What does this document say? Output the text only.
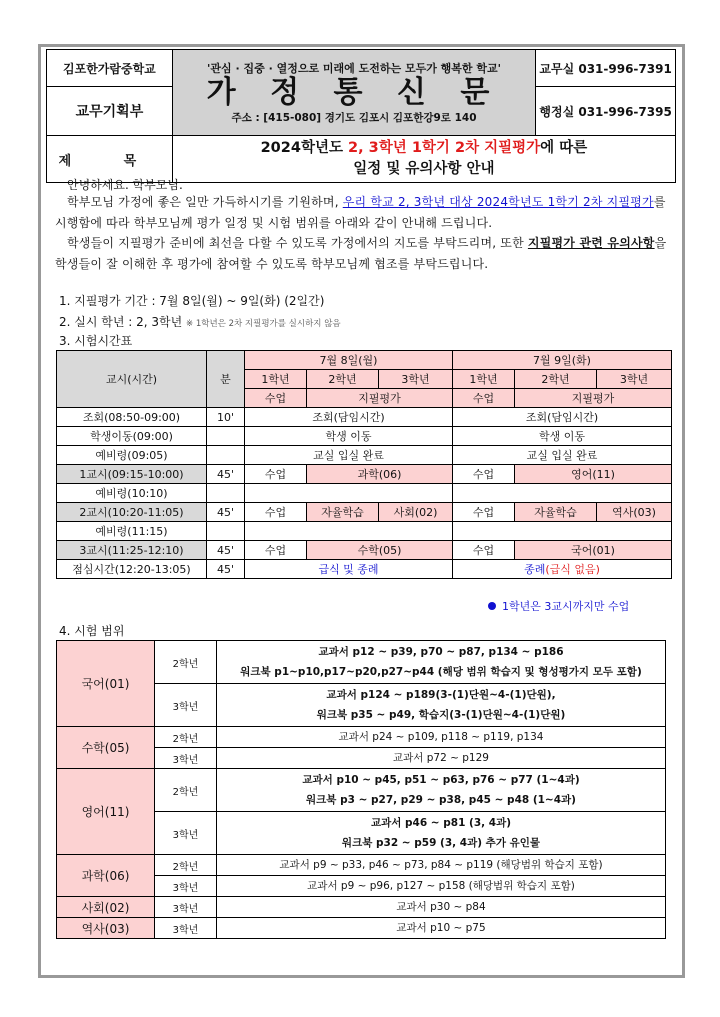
김포한가람중학교	'관심 · 집중 · 열정으로 미래에 도전하는 모두가 행복한 학교'
가 정 통 신 문
주소 : [415-080] 경기도 김포시 김포한강9로 140	교무실 031-996-7391
교무기획부		행정실 031-996-7395
제 목	2024학년도 2, 3학년 1학기 2차 지필평가에 따른
일정 및 유의사항 안내	
안녕하세요. 학부모님.

학부모님 가정에 좋은 일만 가득하시기를 기원하며, 우리 학교 2, 3학년 대상 2024학년도 1학기 2차 지필평가를 시행함에 따라 학부모님께 평가 일정 및 시험 범위를 아래와 같이 안내해 드립니다.

학생들이 지필평가 준비에 최선을 다할 수 있도록 가정에서의 지도를 부탁드리며, 또한 지필평가 관련 유의사항을 학생들이 잘 이해한 후 평가에 참여할 수 있도록 학부모님께 협조를 부탁드립니다.

1. 지필평가 기간 : 7월 8일(월) ~ 9일(화) (2일간)
2. 실시 학년 : 2, 3학년 ※ 1학년은 2차 지필평가를 실시하지 않음
3. 시험시간표
교시(시간)	분	7월 8일(월)			7월 9일(화)		
		1학년	2학년	3학년	1학년	2학년	3학년
		수업	지필평가		수업	지필평가	
조회(08:50-09:00)	10'	조회(담임시간)			조회(담임시간)		
학생이동(09:00)		학생 이동			학생 이동		
예비령(09:05)		교실 입실 완료			교실 입실 완료		
1교시(09:15-10:00)	45'	수업	과학(06)		수업	영어(11)	
예비령(10:10)							
2교시(10:20-11:05)	45'	수업	자율학습	사회(02)	수업	자율학습	역사(03)
예비령(11:15)							
3교시(11:25-12:10)	45'	수업	수학(05)		수업	국어(01)	
점심시간(12:20-13:05)	45'	급식 및 종례			종례(급식 없음)		
1학년은 3교시까지만 수업
4. 시험 범위
국어(01)	2학년	교과서 p12 ~ p39, p70 ~ p87, p134 ~ p186
워크북 p1~p10,p17~p20,p27~p44 (해당 범위 학습지 및 형성평가지 모두 포함)

	3학년	교과서 p124 ~ p189(3-(1)단원~4-(1)단원),
워크북 p35 ~ p49, 학습지(3-(1)단원~4-(1)단원)

수학(05)	2학년	교과서 p24 ~ p109, p118 ~ p119, p134
	3학년	교과서 p72 ~ p129
영어(11)	2학년	교과서 p10 ~ p45, p51 ~ p63, p76 ~ p77 (1~4과)
워크북 p3 ~ p27, p29 ~ p38, p45 ~ p48 (1~4과)

	3학년	교과서 p46 ~ p81 (3, 4과)
워크북 p32 ~ p59 (3, 4과) 추가 유인물

과학(06)	2학년	교과서 p9 ~ p33, p46 ~ p73, p84 ~ p119 (해당범위 학습지 포함)
	3학년	교과서 p9 ~ p96, p127 ~ p158 (해당범위 학습지 포함)
사회(02)	3학년	교과서 p30 ~ p84
역사(03)	3학년	교과서 p10 ~ p75
